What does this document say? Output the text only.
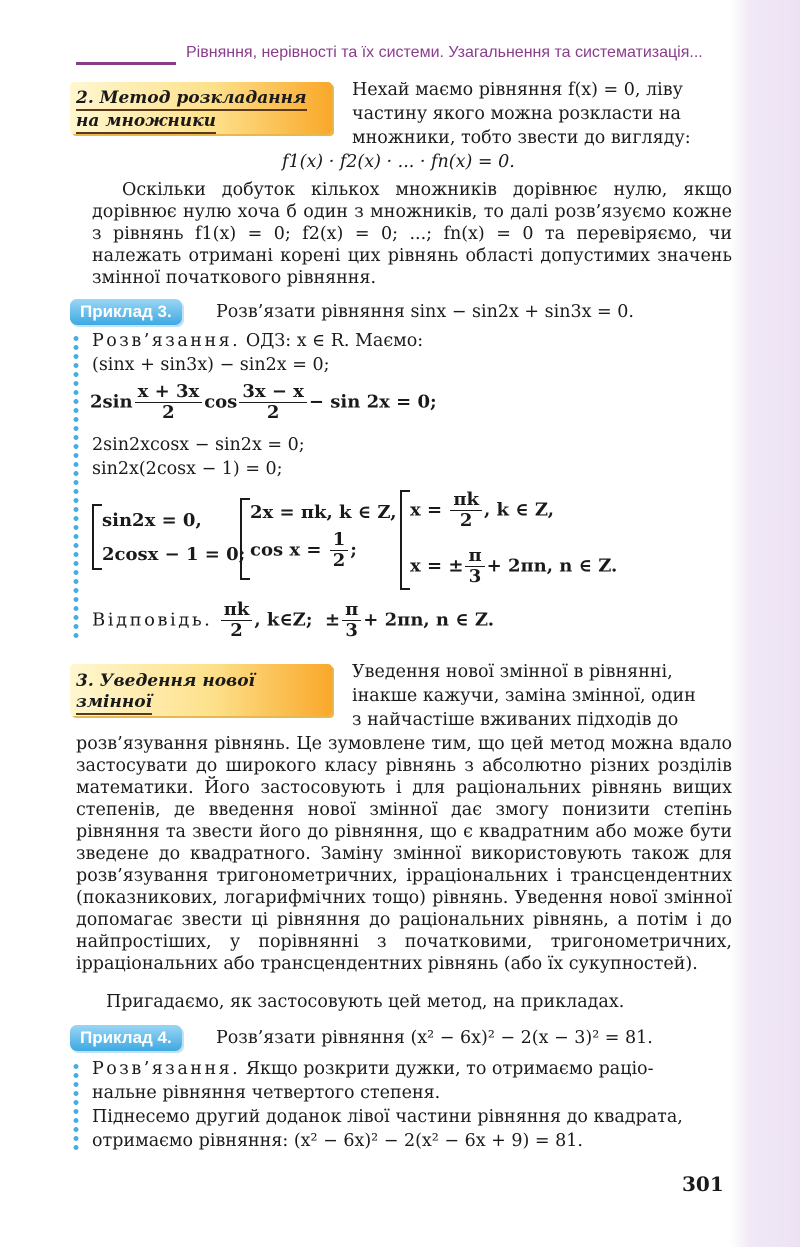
Рівняння, нерівності та їх системи. Узагальнення та систематизація...
2. Метод розкладання
на множники
Нехай маємо рівняння f(x) = 0, ліву
частину якого можна розкласти на
множники, тобто звести до вигляду:
f1(x) · f2(x) · ... · fn(x) = 0.
Оскільки добуток кількох множників дорівнює нулю, якщо дорівнює нулю хоча б один з множників, то далі розв’язуємо кожне з рівнянь f1(x) = 0; f2(x) = 0; ...; fn(x) = 0 та перевіряємо, чи належать отримані корені цих рівнянь області допустимих значень змінної початкового рівняння.
Приклад 3.	Розв’язати рівняння sinx − sin2x + sin3x = 0.
Розв’язання. ОДЗ: x ∈ R. Маємо:
(sinx + sin3x) − sin2x = 0;
$2\sin \frac{x + 3x}{2}$ $\cos \frac{3x - x}{2} - \sin 2x = 0$;
2sin2xcosx − sin2x = 0;
sin2x(2cosx − 1) = 0;
sin2x = 0,
2cosx − 1 = 0;
2x = πk, k ∈ Z,
$\cos x = \frac{1}{2}$ ;
$x = \frac{\pi k}{2}$ , k ∈ Z,
x = ± $\frac{\pi}{3} + 2\pi n$, n ∈ Z.
Відповідь. $\frac{\pi k}{2}$ , k∈Z;  ± $\frac{\pi}{3} + 2\pi n$, n ∈ Z.
3. Уведення нової
змінної
Уведення нової змінної в рівнянні,
інакше кажучи, заміна змінної, один
з найчастіше вживаних підходів до
розв’язування рівнянь. Це зумовлене тим, що цей метод можна вдало застосувати до широкого класу рівнянь з абсолютно різних розділів математики. Його застосовують і для раціональних рівнянь вищих степенів, де введення нової змінної дає змогу понизити степінь рівняння та звести його до рівняння, що є квадратним або може бути зведене до квадратного. Заміну змінної використовують також для розв’язування тригонометричних, ірраціональних і трансцендентних (показникових, логарифмічних тощо) рівнянь. Уведення нової змінної допомагає звести ці рівняння до раціональних рівнянь, а потім і до найпростіших, у порівнянні з початковими, тригонометричних, ірраціональних або трансцендентних рівнянь (або їх сукупностей).
Пригадаємо, як застосовують цей метод, на прикладах.
Приклад 4.	Розв’язати рівняння (x² − 6x)² − 2(x − 3)² = 81.
Розв’язання. Якщо розкрити дужки, то отримаємо раціо-
нальне рівняння четвертого степеня.
Піднесемо другий доданок лівої частини рівняння до квадрата,
отримаємо рівняння: (x² − 6x)² − 2(x² − 6x + 9) = 81.
301
